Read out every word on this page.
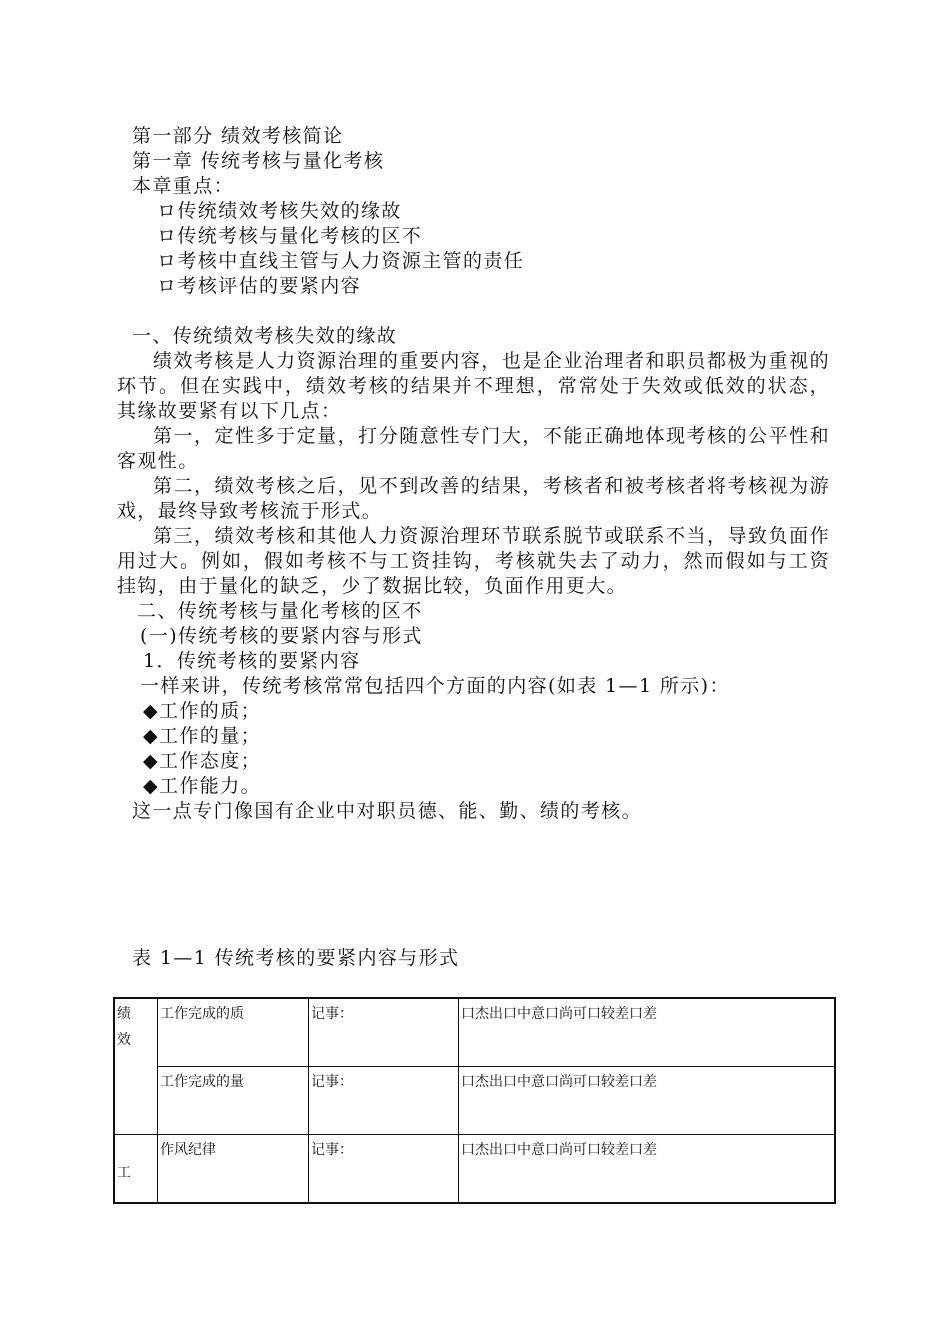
第一部分 绩效考核简论
第一章 传统考核与量化考核
本章重点：
ロ传统绩效考核失效的缘故
ロ传统考核与量化考核的区不
ロ考核中直线主管与人力资源主管的责任
ロ考核评估的要紧内容
一、传统绩效考核失效的缘故
绩效考核是人力资源治理的重要内容，也是企业治理者和职员都极为重视的环节。但在实践中，绩效考核的结果并不理想，常常处于失效或低效的状态，其缘故要紧有以下几点：
第一，定性多于定量，打分随意性专门大，不能正确地体现考核的公平性和客观性。
第二，绩效考核之后，见不到改善的结果，考核者和被考核者将考核视为游戏，最终导致考核流于形式。
第三，绩效考核和其他人力资源治理环节联系脱节或联系不当，导致负面作用过大。例如，假如考核不与工资挂钩，考核就失去了动力，然而假如与工资挂钩，由于量化的缺乏，少了数据比较，负面作用更大。
二、传统考核与量化考核的区不
(一)传统考核的要紧内容与形式
1．传统考核的要紧内容
一样来讲，传统考核常常包括四个方面的内容(如表 1—1 所示)：
◆工作的质；
◆工作的量；
◆工作态度；
◆工作能力。
这一点专门像国有企业中对职员德、能、勤、绩的考核。
表 1—1 传统考核的要紧内容与形式
绩效	工作完成的质	记事：	口杰出口中意口尚可口较差口差
	工作完成的量	记事：	口杰出口中意口尚可口较差口差

工	作风纪律	记事：	口杰出口中意口尚可口较差口差
